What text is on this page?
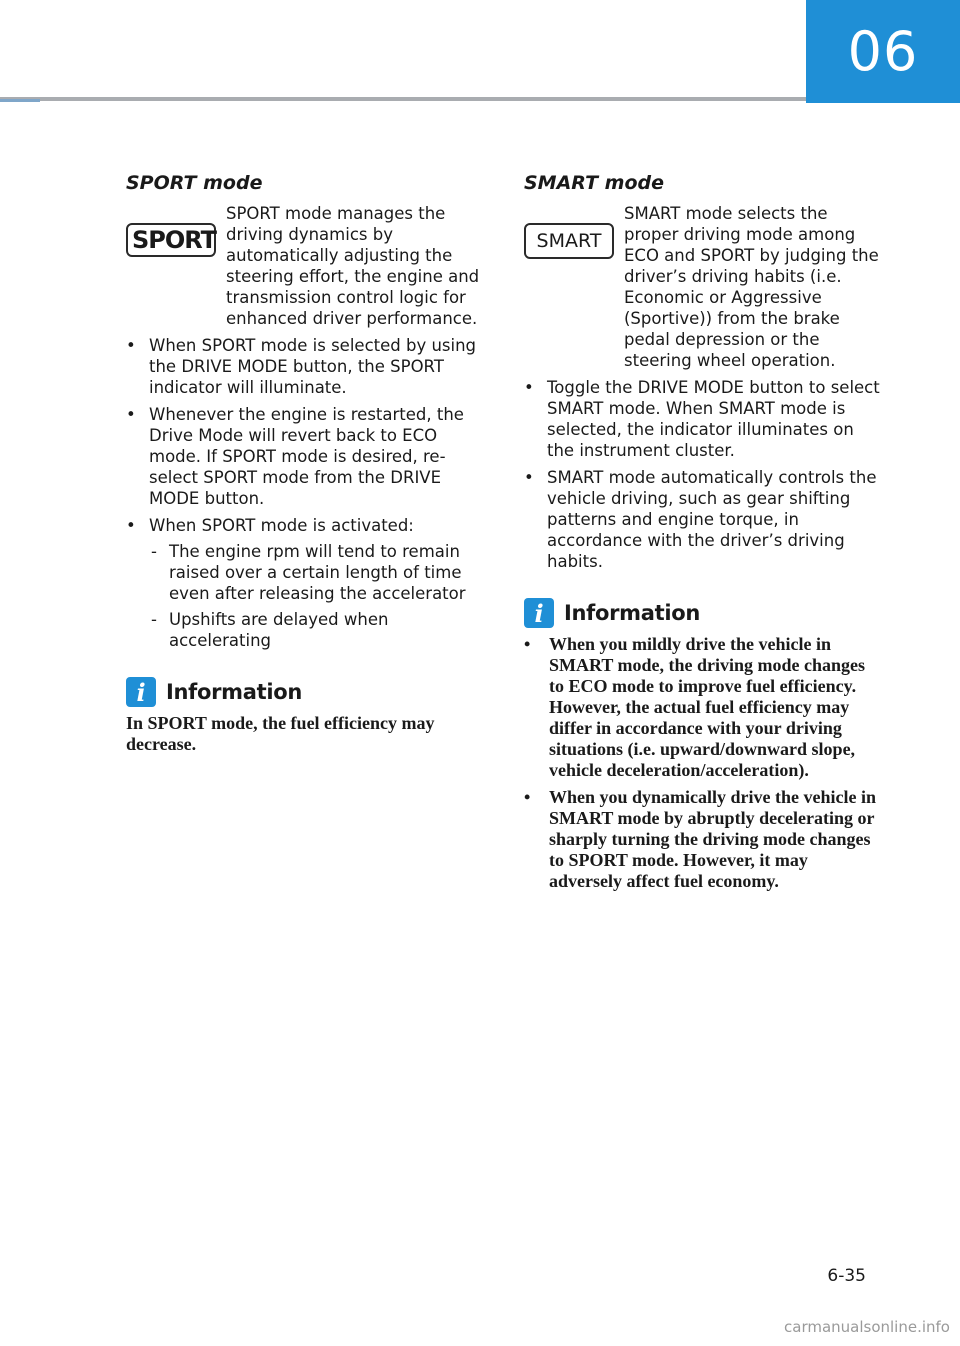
06
SPORT mode
SPORT

SPORT mode manages the driving dynamics by automatically adjusting the steering effort, the engine and transmission control logic for enhanced driver performance.

• When SPORT mode is selected by using the DRIVE MODE button, the SPORT indicator will illuminate.
• Whenever the engine is restarted, the Drive Mode will revert back to ECO mode. If SPORT mode is desired, re-select SPORT mode from the DRIVE MODE button.
• When SPORT mode is activated:
- The engine rpm will tend to remain raised over a certain length of time even after releasing the accelerator
- Upshifts are delayed when accelerating
i Information

In SPORT mode, the fuel efficiency may decrease.

SMART mode
SMART

SMART mode selects the proper driving mode among ECO and SPORT by judging the driver’s driving habits (i.e. Economic or Aggressive (Sportive)) from the brake pedal depression or the steering wheel operation.

• Toggle the DRIVE MODE button to select SMART mode. When SMART mode is selected, the indicator illuminates on the instrument cluster.
• SMART mode automatically controls the vehicle driving, such as gear shifting patterns and engine torque, in accordance with the driver’s driving habits.
i Information
• When you mildly drive the vehicle in SMART mode, the driving mode changes to ECO mode to improve fuel efficiency. However, the actual fuel efficiency may differ in accordance with your driving situations (i.e. upward/downward slope, vehicle deceleration/acceleration).
• When you dynamically drive the vehicle in SMART mode by abruptly decelerating or sharply turning the driving mode changes to SPORT mode. However, it may adversely affect fuel economy.
6-35
carmanualsonline.info
